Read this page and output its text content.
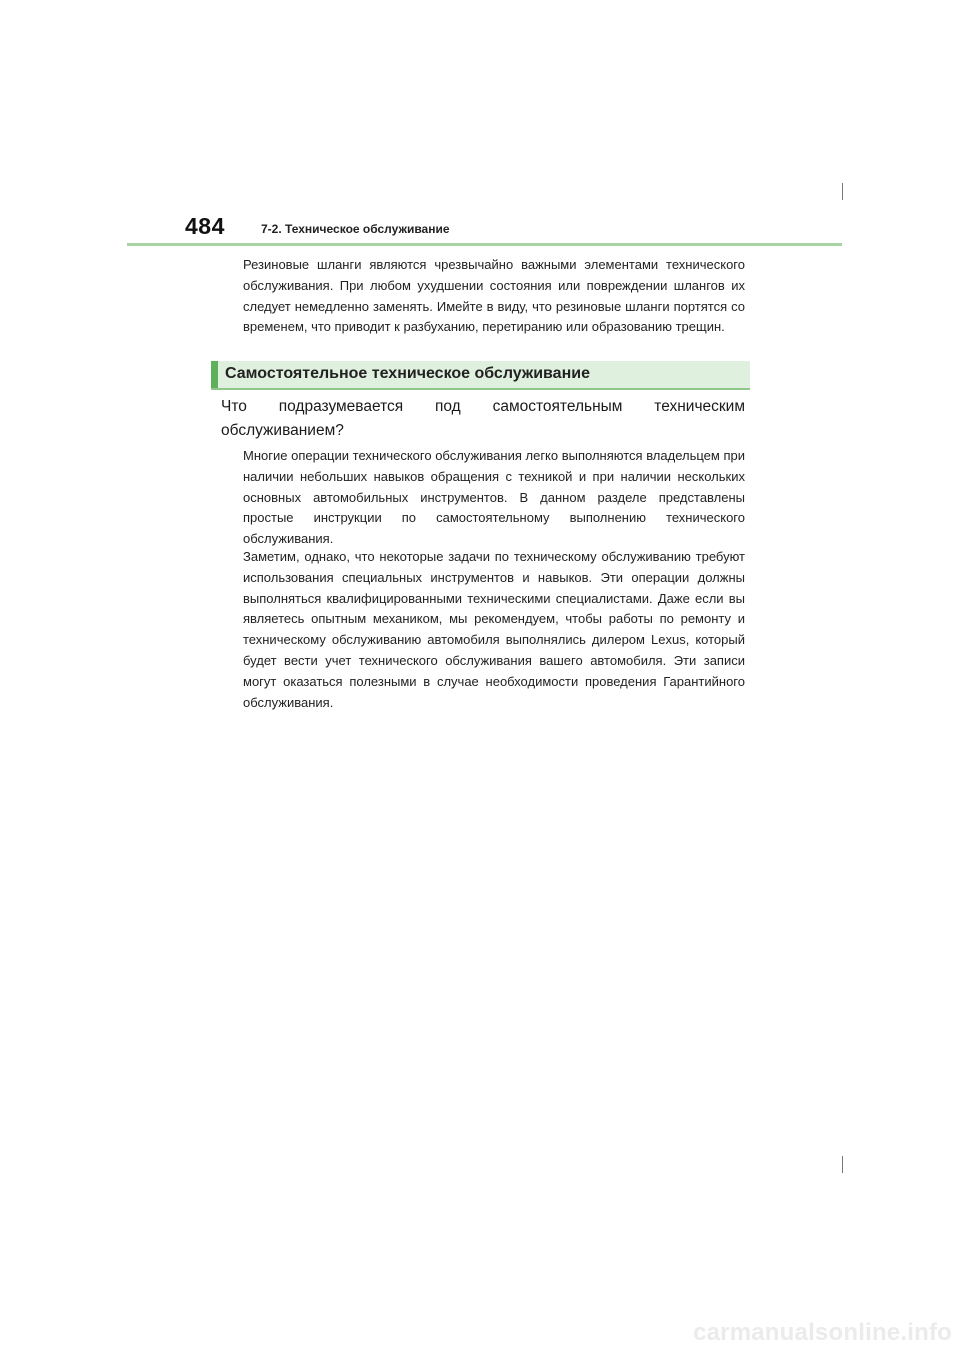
484	7-2. Техническое обслуживание

Резиновые шланги являются чрезвычайно важными элементами технического обслуживания. При любом ухудшении состояния или повреждении шлангов их следует немедленно заменять. Имейте в виду, что резиновые шланги портятся со временем, что приводит к разбуханию, перетиранию или образованию трещин.

Самостоятельное техническое обслуживание

Что подразумевается под самостоятельным техническим
обслуживанием?

Многие операции технического обслуживания легко выполняются владельцем при наличии небольших навыков обращения с техникой и при наличии нескольких основных автомобильных инструментов. В данном разделе представлены простые инструкции по самостоятельному выполнению технического обслуживания.

Заметим, однако, что некоторые задачи по техническому обслуживанию требуют использования специальных инструментов и навыков. Эти операции должны выполняться квалифицированными техническими специалистами. Даже если вы являетесь опытным механиком, мы рекомендуем, чтобы работы по ремонту и техническому обслуживанию автомобиля выполнялись дилером Lexus, который будет вести учет технического обслуживания вашего автомобиля. Эти записи могут оказаться полезными в случае необходимости проведения Гарантийного обслуживания.

carmanualsonline.info
